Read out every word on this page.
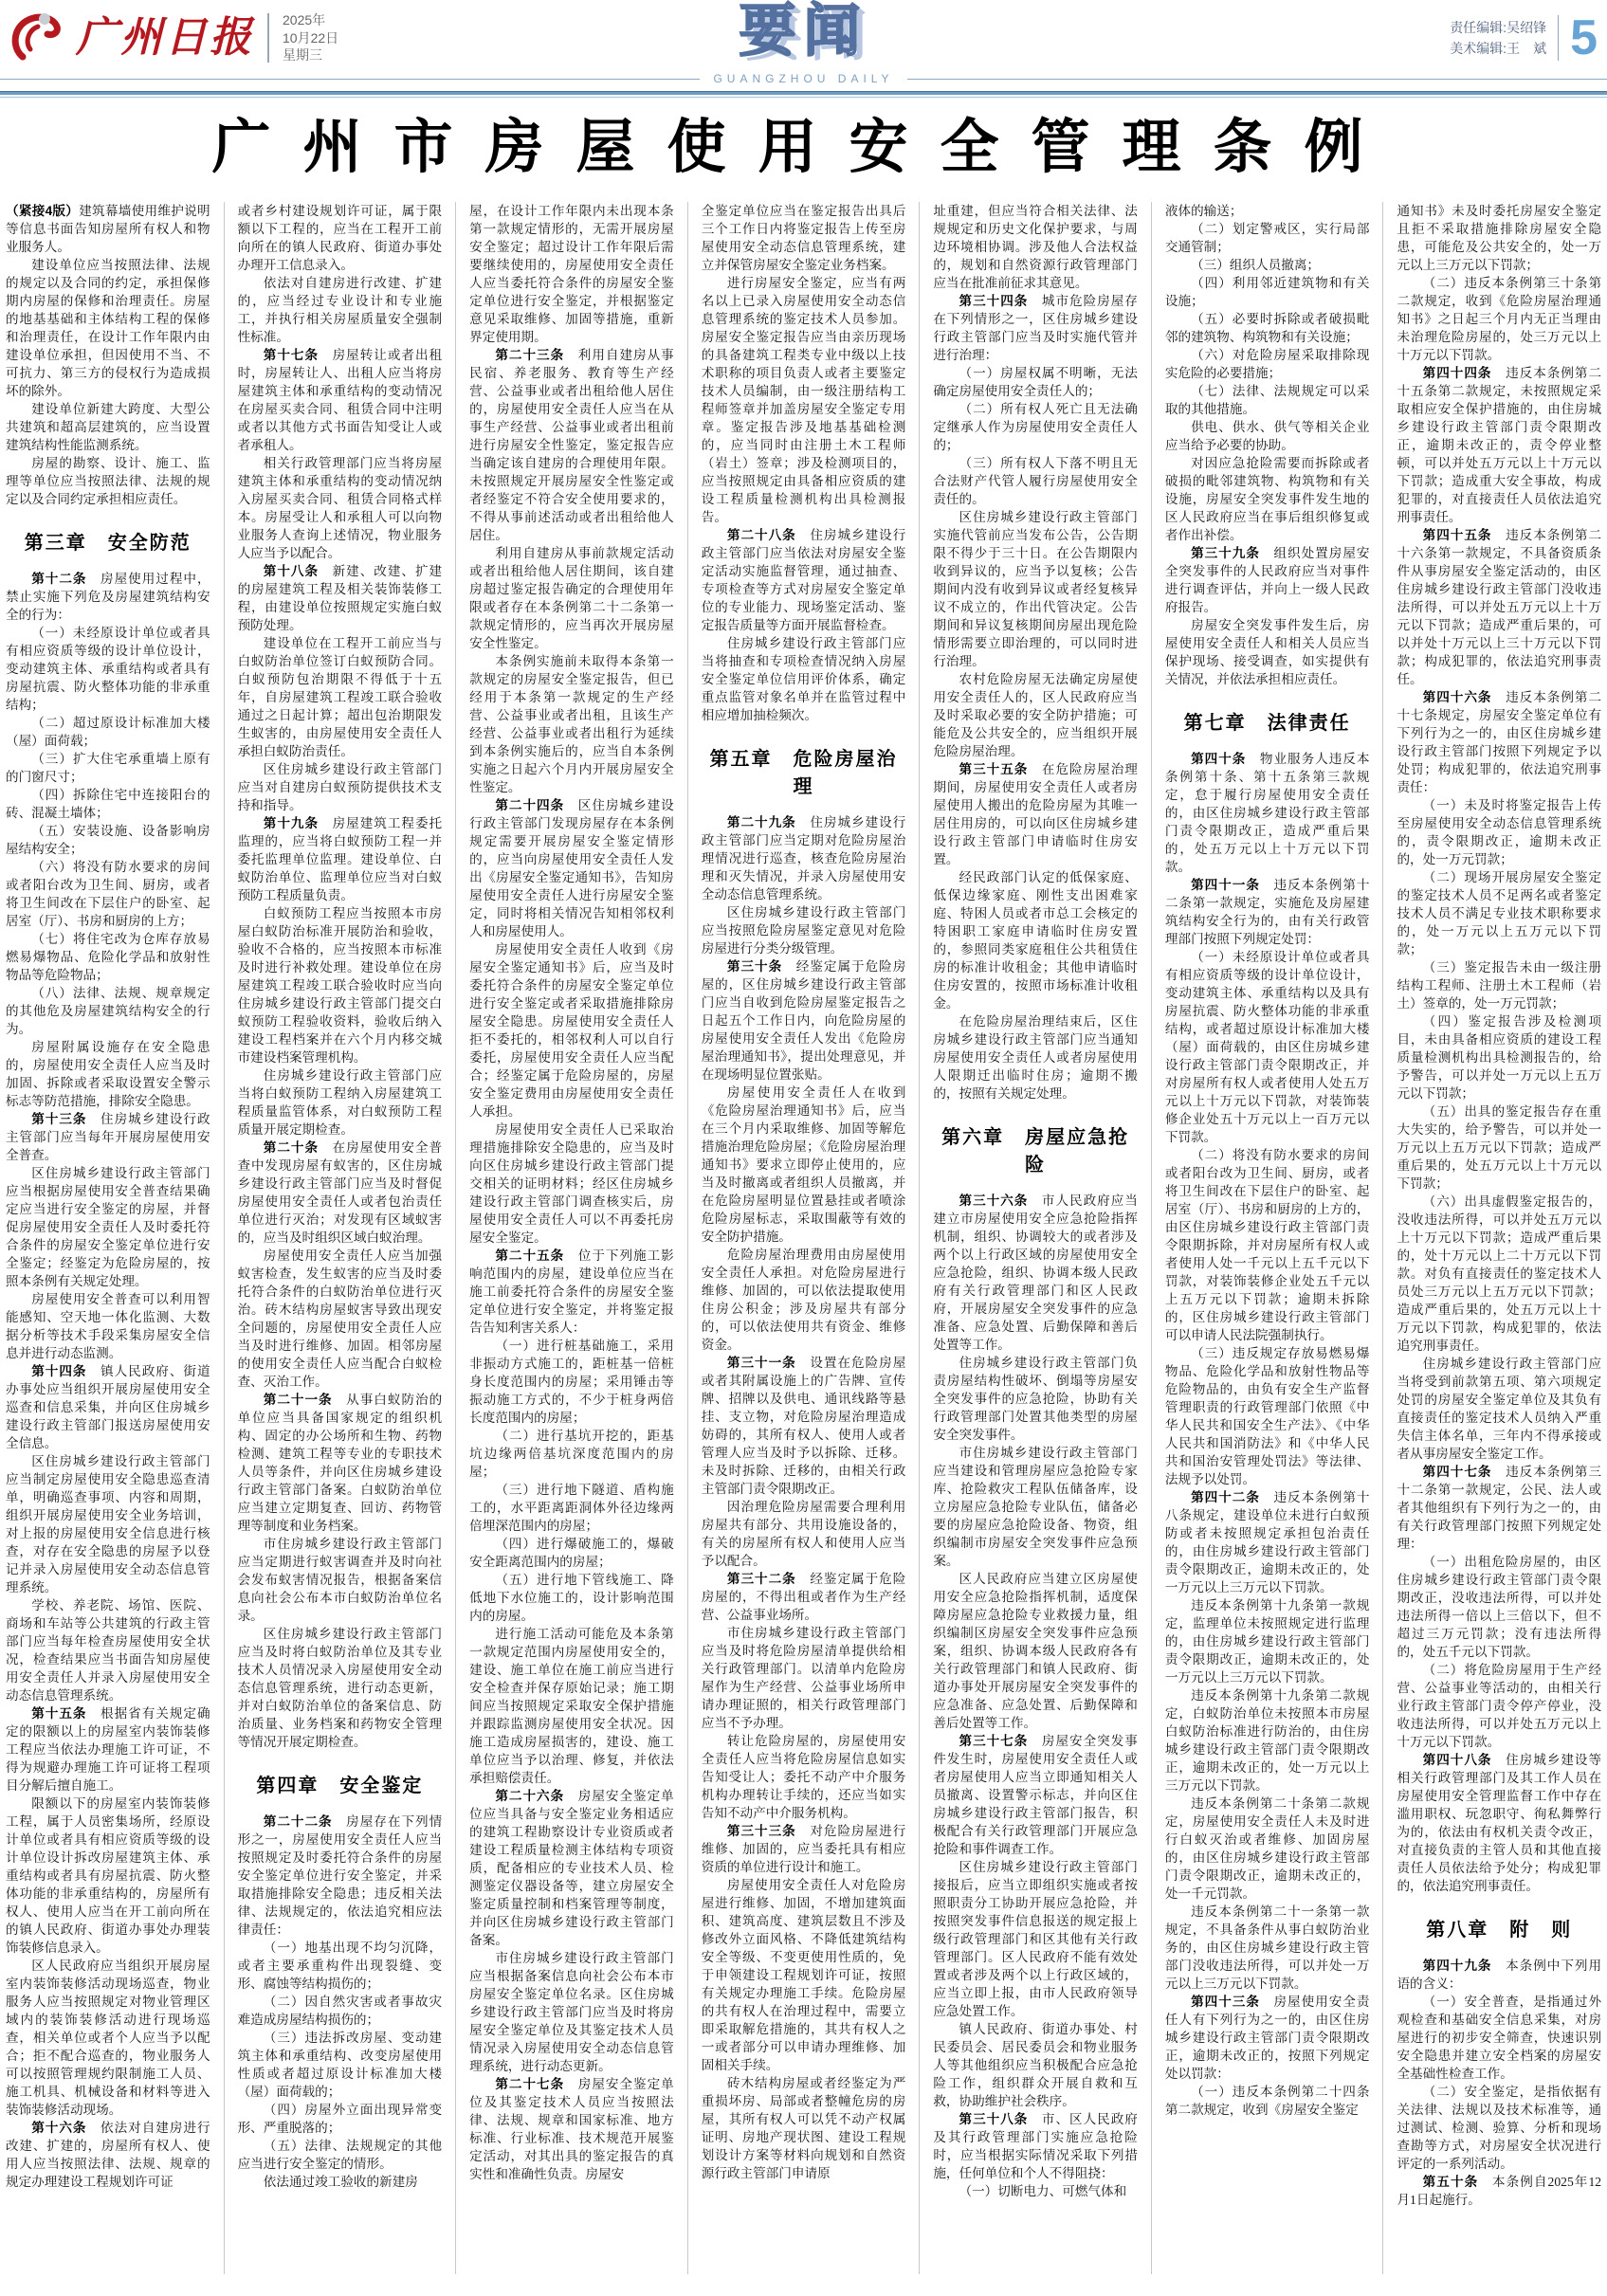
广州日报 2025年
10月22日
星期三	要闻	责任编辑:吴绍锋
美术编辑:王　斌 5
GUANGZHOU DAILY
广州市房屋使用安全管理条例

（紧接4版）建筑幕墙使用维护说明等信息书面告知房屋所有权人和物业服务人。

建设单位应当按照法律、法规的规定以及合同的约定，承担保修期内房屋的保修和治理责任。房屋的地基基础和主体结构工程的保修和治理责任，在设计工作年限内由建设单位承担，但因使用不当、不可抗力、第三方的侵权行为造成损坏的除外。

建设单位新建大跨度、大型公共建筑和超高层建筑的，应当设置建筑结构性能监测系统。

房屋的勘察、设计、施工、监理等单位应当按照法律、法规的规定以及合同约定承担相应责任。

第三章　安全防范

第十二条　房屋使用过程中，禁止实施下列危及房屋建筑结构安全的行为：

（一）未经原设计单位或者具有相应资质等级的设计单位设计，变动建筑主体、承重结构或者具有房屋抗震、防火整体功能的非承重结构；

（二）超过原设计标准加大楼（屋）面荷载；

（三）扩大住宅承重墙上原有的门窗尺寸；

（四）拆除住宅中连接阳台的砖、混凝土墙体；

（五）安装设施、设备影响房屋结构安全；

（六）将没有防水要求的房间或者阳台改为卫生间、厨房，或者将卫生间改在下层住户的卧室、起居室（厅）、书房和厨房的上方；

（七）将住宅改为仓库存放易燃易爆物品、危险化学品和放射性物品等危险物品；

（八）法律、法规、规章规定的其他危及房屋建筑结构安全的行为。

房屋附属设施存在安全隐患的，房屋使用安全责任人应当及时加固、拆除或者采取设置安全警示标志等防范措施，排除安全隐患。

第十三条　住房城乡建设行政主管部门应当每年开展房屋使用安全普查。

区住房城乡建设行政主管部门应当根据房屋使用安全普查结果确定应当进行安全鉴定的房屋，并督促房屋使用安全责任人及时委托符合条件的房屋安全鉴定单位进行安全鉴定；经鉴定为危险房屋的，按照本条例有关规定处理。

房屋使用安全普查可以利用智能感知、空天地一体化监测、大数据分析等技术手段采集房屋安全信息并进行动态监测。

第十四条　镇人民政府、街道办事处应当组织开展房屋使用安全巡查和信息采集，并向区住房城乡建设行政主管部门报送房屋使用安全信息。

区住房城乡建设行政主管部门应当制定房屋使用安全隐患巡查清单，明确巡查事项、内容和周期，组织开展房屋使用安全业务培训，对上报的房屋使用安全信息进行核查，对存在安全隐患的房屋予以登记并录入房屋使用安全动态信息管理系统。

学校、养老院、场馆、医院、商场和车站等公共建筑的行政主管部门应当每年检查房屋使用安全状况，检查结果应当书面告知房屋使用安全责任人并录入房屋使用安全动态信息管理系统。

第十五条　根据省有关规定确定的限额以上的房屋室内装饰装修工程应当依法办理施工许可证，不得为规避办理施工许可证将工程项目分解后擅自施工。

限额以下的房屋室内装饰装修工程，属于人员密集场所，经原设计单位或者具有相应资质等级的设计单位设计拆改房屋建筑主体、承重结构或者具有房屋抗震、防火整体功能的非承重结构的，房屋所有权人、使用人应当在开工前向所在的镇人民政府、街道办事处办理装饰装修信息录入。

区人民政府应当组织开展房屋室内装饰装修活动现场巡查，物业服务人应当按照规定对物业管理区域内的装饰装修活动进行现场巡查，相关单位或者个人应当予以配合；拒不配合巡查的，物业服务人可以按照管理规约限制施工人员、施工机具、机械设备和材料等进入装饰装修活动现场。

第十六条　依法对自建房进行改建、扩建的，房屋所有权人、使用人应当按照法律、法规、规章的规定办理建设工程规划许可证

或者乡村建设规划许可证，属于限额以下工程的，应当在工程开工前向所在的镇人民政府、街道办事处办理开工信息录入。

依法对自建房进行改建、扩建的，应当经过专业设计和专业施工，并执行相关房屋质量安全强制性标准。

第十七条　房屋转让或者出租时，房屋转让人、出租人应当将房屋建筑主体和承重结构的变动情况在房屋买卖合同、租赁合同中注明或者以其他方式书面告知受让人或者承租人。

相关行政管理部门应当将房屋建筑主体和承重结构的变动情况纳入房屋买卖合同、租赁合同格式样本。房屋受让人和承租人可以向物业服务人查询上述情况，物业服务人应当予以配合。

第十八条　新建、改建、扩建的房屋建筑工程及相关装饰装修工程，由建设单位按照规定实施白蚁预防处理。

建设单位在工程开工前应当与白蚁防治单位签订白蚁预防合同。白蚁预防包治期限不得低于十五年，自房屋建筑工程竣工联合验收通过之日起计算；超出包治期限发生蚁害的，由房屋使用安全责任人承担白蚁防治责任。

区住房城乡建设行政主管部门应当对自建房白蚁预防提供技术支持和指导。

第十九条　房屋建筑工程委托监理的，应当将白蚁预防工程一并委托监理单位监理。建设单位、白蚁防治单位、监理单位应当对白蚁预防工程质量负责。

白蚁预防工程应当按照本市房屋白蚁防治标准开展防治和验收，验收不合格的，应当按照本市标准及时进行补救处理。建设单位在房屋建筑工程竣工联合验收时应当向住房城乡建设行政主管部门提交白蚁预防工程验收资料，验收后纳入建设工程档案并在六个月内移交城市建设档案管理机构。

住房城乡建设行政主管部门应当将白蚁预防工程纳入房屋建筑工程质量监管体系，对白蚁预防工程质量开展定期检查。

第二十条　在房屋使用安全普查中发现房屋有蚁害的，区住房城乡建设行政主管部门应当及时督促房屋使用安全责任人或者包治责任单位进行灭治；对发现有区域蚁害的，应当及时组织区域白蚁治理。

房屋使用安全责任人应当加强蚁害检查，发生蚁害的应当及时委托符合条件的白蚁防治单位进行灭治。砖木结构房屋蚁害导致出现安全问题的，房屋使用安全责任人应当及时进行维修、加固。相邻房屋的使用安全责任人应当配合白蚁检查、灭治工作。

第二十一条　从事白蚁防治的单位应当具备国家规定的组织机构、固定的办公场所和生物、药物检测、建筑工程等专业的专职技术人员等条件，并向区住房城乡建设行政主管部门备案。白蚁防治单位应当建立定期复查、回访、药物管理等制度和业务档案。

市住房城乡建设行政主管部门应当定期进行蚁害调查并及时向社会发布蚁害情况报告，根据备案信息向社会公布本市白蚁防治单位名录。

区住房城乡建设行政主管部门应当及时将白蚁防治单位及其专业技术人员情况录入房屋使用安全动态信息管理系统，进行动态更新，并对白蚁防治单位的备案信息、防治质量、业务档案和药物安全管理等情况开展定期检查。

第四章　安全鉴定

第二十二条　房屋存在下列情形之一，房屋使用安全责任人应当按照规定及时委托符合条件的房屋安全鉴定单位进行安全鉴定，并采取措施排除安全隐患；违反相关法律、法规规定的，依法追究相应法律责任：

（一）地基出现不均匀沉降，或者主要承重构件出现裂缝、变形、腐蚀等结构损伤的；

（二）因自然灾害或者事故灾难造成房屋结构损伤的；

（三）违法拆改房屋、变动建筑主体和承重结构、改变房屋使用性质或者超过原设计标准加大楼（屋）面荷载的；

（四）房屋外立面出现异常变形、严重脱落的；

（五）法律、法规规定的其他应当进行安全鉴定的情形。

依法通过竣工验收的新建房

屋，在设计工作年限内未出现本条第一款规定情形的，无需开展房屋安全鉴定；超过设计工作年限后需要继续使用的，房屋使用安全责任人应当委托符合条件的房屋安全鉴定单位进行安全鉴定，并根据鉴定意见采取维修、加固等措施，重新界定使用期。

第二十三条　利用自建房从事民宿、养老服务、教育等生产经营、公益事业或者出租给他人居住的，房屋使用安全责任人应当在从事生产经营、公益事业或者出租前进行房屋安全性鉴定，鉴定报告应当确定该自建房的合理使用年限。未按照规定开展房屋安全性鉴定或者经鉴定不符合安全使用要求的，不得从事前述活动或者出租给他人居住。

利用自建房从事前款规定活动或者出租给他人居住期间，该自建房超过鉴定报告确定的合理使用年限或者存在本条例第二十二条第一款规定情形的，应当再次开展房屋安全性鉴定。

本条例实施前未取得本条第一款规定的房屋安全鉴定报告，但已经用于本条第一款规定的生产经营、公益事业或者出租，且该生产经营、公益事业或者出租行为延续到本条例实施后的，应当自本条例实施之日起六个月内开展房屋安全性鉴定。

第二十四条　区住房城乡建设行政主管部门发现房屋存在本条例规定需要开展房屋安全鉴定情形的，应当向房屋使用安全责任人发出《房屋安全鉴定通知书》，告知房屋使用安全责任人进行房屋安全鉴定，同时将相关情况告知相邻权利人和房屋使用人。

房屋使用安全责任人收到《房屋安全鉴定通知书》后，应当及时委托符合条件的房屋安全鉴定单位进行安全鉴定或者采取措施排除房屋安全隐患。房屋使用安全责任人拒不委托的，相邻权利人可以自行委托，房屋使用安全责任人应当配合；经鉴定属于危险房屋的，房屋安全鉴定费用由房屋使用安全责任人承担。

房屋使用安全责任人已采取治理措施排除安全隐患的，应当及时向区住房城乡建设行政主管部门提交相关的证明材料；经区住房城乡建设行政主管部门调查核实后，房屋使用安全责任人可以不再委托房屋安全鉴定。

第二十五条　位于下列施工影响范围内的房屋，建设单位应当在施工前委托符合条件的房屋安全鉴定单位进行安全鉴定，并将鉴定报告告知利害关系人：

（一）进行桩基础施工，采用非振动方式施工的，距桩基一倍桩身长度范围内的房屋；采用锤击等振动施工方式的，不少于桩身两倍长度范围内的房屋；

（二）进行基坑开挖的，距基坑边缘两倍基坑深度范围内的房屋；

（三）进行地下隧道、盾构施工的，水平距离距洞体外径边缘两倍埋深范围内的房屋；

（四）进行爆破施工的，爆破安全距离范围内的房屋；

（五）进行地下管线施工、降低地下水位施工的，设计影响范围内的房屋。

进行施工活动可能危及本条第一款规定范围内房屋使用安全的，建设、施工单位在施工前应当进行安全检查并保存原始记录；施工期间应当按照规定采取安全保护措施并跟踪监测房屋使用安全状况。因施工造成房屋损害的，建设、施工单位应当予以治理、修复，并依法承担赔偿责任。

第二十六条　房屋安全鉴定单位应当具备与安全鉴定业务相适应的建筑工程勘察设计专业资质或者建设工程质量检测主体结构专项资质，配备相应的专业技术人员、检测鉴定仪器设备等，建立房屋安全鉴定质量控制和档案管理等制度，并向区住房城乡建设行政主管部门备案。

市住房城乡建设行政主管部门应当根据备案信息向社会公布本市房屋安全鉴定单位名录。区住房城乡建设行政主管部门应当及时将房屋安全鉴定单位及其鉴定技术人员情况录入房屋使用安全动态信息管理系统，进行动态更新。

第二十七条　房屋安全鉴定单位及其鉴定技术人员应当按照法律、法规、规章和国家标准、地方标准、行业标准、技术规范开展鉴定活动，对其出具的鉴定报告的真实性和准确性负责。房屋安

全鉴定单位应当在鉴定报告出具后三个工作日内将鉴定报告上传至房屋使用安全动态信息管理系统，建立并保管房屋安全鉴定业务档案。

进行房屋安全鉴定，应当有两名以上已录入房屋使用安全动态信息管理系统的鉴定技术人员参加。房屋安全鉴定报告应当由亲历现场的具备建筑工程类专业中级以上技术职称的项目负责人或者主要鉴定技术人员编制，由一级注册结构工程师签章并加盖房屋安全鉴定专用章。鉴定报告涉及地基基础检测的，应当同时由注册土木工程师（岩土）签章；涉及检测项目的，应当按照规定由具备相应资质的建设工程质量检测机构出具检测报告。

第二十八条　住房城乡建设行政主管部门应当依法对房屋安全鉴定活动实施监督管理，通过抽查、专项检查等方式对房屋安全鉴定单位的专业能力、现场鉴定活动、鉴定报告质量等方面开展监督检查。

住房城乡建设行政主管部门应当将抽查和专项检查情况纳入房屋安全鉴定单位信用评价体系，确定重点监管对象名单并在监管过程中相应增加抽检频次。

第五章　危险房屋治理

第二十九条　住房城乡建设行政主管部门应当定期对危险房屋治理情况进行巡查，核查危险房屋治理和灭失情况，并录入房屋使用安全动态信息管理系统。

区住房城乡建设行政主管部门应当按照危险房屋鉴定意见对危险房屋进行分类分级管理。

第三十条　经鉴定属于危险房屋的，区住房城乡建设行政主管部门应当自收到危险房屋鉴定报告之日起五个工作日内，向危险房屋的房屋使用安全责任人发出《危险房屋治理通知书》，提出处理意见，并在现场明显位置张贴。

房屋使用安全责任人在收到《危险房屋治理通知书》后，应当在三个月内采取维修、加固等解危措施治理危险房屋；《危险房屋治理通知书》要求立即停止使用的，应当及时撤离或者组织人员撤离，并在危险房屋明显位置悬挂或者喷涂危险房屋标志，采取围蔽等有效的安全防护措施。

危险房屋治理费用由房屋使用安全责任人承担。对危险房屋进行维修、加固的，可以依法提取使用住房公积金；涉及房屋共有部分的，可以依法使用共有资金、维修资金。

第三十一条　设置在危险房屋或者其附属设施上的广告牌、宣传牌、招牌以及供电、通讯线路等悬挂、支立物，对危险房屋治理造成妨碍的，其所有权人、使用人或者管理人应当及时予以拆除、迁移。未及时拆除、迁移的，由相关行政主管部门责令限期改正。

因治理危险房屋需要合理利用房屋共有部分、共用设施设备的，有关的房屋所有权人和使用人应当予以配合。

第三十二条　经鉴定属于危险房屋的，不得出租或者作为生产经营、公益事业场所。

市住房城乡建设行政主管部门应当及时将危险房屋清单提供给相关行政管理部门。以清单内危险房屋作为生产经营、公益事业场所申请办理证照的，相关行政管理部门应当不予办理。

转让危险房屋的，房屋使用安全责任人应当将危险房屋信息如实告知受让人；委托不动产中介服务机构办理转让手续的，还应当如实告知不动产中介服务机构。

第三十三条　对危险房屋进行维修、加固的，应当委托具有相应资质的单位进行设计和施工。

房屋使用安全责任人对危险房屋进行维修、加固，不增加建筑面积、建筑高度、建筑层数且不涉及修改外立面风格、不降低建筑结构安全等级、不变更使用性质的，免于申领建设工程规划许可证，按照有关规定办理施工手续。危险房屋的共有权人在治理过程中，需要立即采取解危措施的，其共有权人之一或者部分可以申请办理维修、加固相关手续。

砖木结构房屋或者经鉴定为严重损坏房、局部或者整幢危房的房屋，其所有权人可以凭不动产权属证明、房地产现状图、建设工程规划设计方案等材料向规划和自然资源行政主管部门申请原

址重建，但应当符合相关法律、法规规定和历史文化保护要求，与周边环境相协调。涉及他人合法权益的，规划和自然资源行政管理部门应当在批准前征求其意见。

第三十四条　城市危险房屋存在下列情形之一，区住房城乡建设行政主管部门应当及时实施代管并进行治理：

（一）房屋权属不明晰，无法确定房屋使用安全责任人的；

（二）所有权人死亡且无法确定继承人作为房屋使用安全责任人的；

（三）所有权人下落不明且无合法财产代管人履行房屋使用安全责任的。

区住房城乡建设行政主管部门实施代管前应当发布公告，公告期限不得少于三十日。在公告期限内收到异议的，应当予以复核；公告期间内没有收到异议或者经复核异议不成立的，作出代管决定。公告期间和异议复核期间房屋出现危险情形需要立即治理的，可以同时进行治理。

农村危险房屋无法确定房屋使用安全责任人的，区人民政府应当及时采取必要的安全防护措施；可能危及公共安全的，应当组织开展危险房屋治理。

第三十五条　在危险房屋治理期间，房屋使用安全责任人或者房屋使用人搬出的危险房屋为其唯一居住用房的，可以向区住房城乡建设行政主管部门申请临时住房安置。

经民政部门认定的低保家庭、低保边缘家庭、刚性支出困难家庭、特困人员或者市总工会核定的特困职工家庭申请临时住房安置的，参照同类家庭租住公共租赁住房的标准计收租金；其他申请临时住房安置的，按照市场标准计收租金。

在危险房屋治理结束后，区住房城乡建设行政主管部门应当通知房屋使用安全责任人或者房屋使用人限期迁出临时住房；逾期不搬的，按照有关规定处理。

第六章　房屋应急抢险

第三十六条　市人民政府应当建立市房屋使用安全应急抢险指挥机制，组织、协调较大的或者涉及两个以上行政区域的房屋使用安全应急抢险，组织、协调本级人民政府有关行政管理部门和区人民政府，开展房屋安全突发事件的应急准备、应急处置、后勤保障和善后处置等工作。

住房城乡建设行政主管部门负责房屋结构性破坏、倒塌等房屋安全突发事件的应急抢险，协助有关行政管理部门处置其他类型的房屋安全突发事件。

市住房城乡建设行政主管部门应当建设和管理房屋应急抢险专家库、抢险救灾工程队伍储备库，设立房屋应急抢险专业队伍，储备必要的房屋应急抢险设备、物资，组织编制市房屋安全突发事件应急预案。

区人民政府应当建立区房屋使用安全应急抢险指挥机制，适度保障房屋应急抢险专业救援力量，组织编制区房屋安全突发事件应急预案，组织、协调本级人民政府各有关行政管理部门和镇人民政府、街道办事处开展房屋安全突发事件的应急准备、应急处置、后勤保障和善后处置等工作。

第三十七条　房屋安全突发事件发生时，房屋使用安全责任人或者房屋使用人应当立即通知相关人员撤离、设置警示标志，并向区住房城乡建设行政主管部门报告，积极配合有关行政管理部门开展应急抢险和事件调查工作。

区住房城乡建设行政主管部门接报后，应当立即组织实施或者按照职责分工协助开展应急抢险，并按照突发事件信息报送的规定报上级行政管理部门和区其他有关行政管理部门。区人民政府不能有效处置或者涉及两个以上行政区域的，应当立即上报，由市人民政府领导应急处置工作。

镇人民政府、街道办事处、村民委员会、居民委员会和物业服务人等其他组织应当积极配合应急抢险工作，组织群众开展自救和互救，协助维护社会秩序。

第三十八条　市、区人民政府及其行政管理部门实施应急抢险时，应当根据实际情况采取下列措施，任何单位和个人不得阻挠：

（一）切断电力、可燃气体和

液体的输送；

（二）划定警戒区，实行局部交通管制；

（三）组织人员撤离；

（四）利用邻近建筑物和有关设施；

（五）必要时拆除或者破损毗邻的建筑物、构筑物和有关设施；

（六）对危险房屋采取排除现实危险的必要措施；

（七）法律、法规规定可以采取的其他措施。

供电、供水、供气等相关企业应当给予必要的协助。

对因应急抢险需要而拆除或者破损的毗邻建筑物、构筑物和有关设施，房屋安全突发事件发生地的区人民政府应当在事后组织修复或者作出补偿。

第三十九条　组织处置房屋安全突发事件的人民政府应当对事件进行调查评估，并向上一级人民政府报告。

房屋安全突发事件发生后，房屋使用安全责任人和相关人员应当保护现场、接受调查，如实提供有关情况，并依法承担相应责任。

第七章　法律责任

第四十条　物业服务人违反本条例第十条、第十五条第三款规定，怠于履行房屋使用安全责任的，由区住房城乡建设行政主管部门责令限期改正，造成严重后果的，处五万元以上十万元以下罚款。

第四十一条　违反本条例第十二条第一款规定，实施危及房屋建筑结构安全行为的，由有关行政管理部门按照下列规定处罚：

（一）未经原设计单位或者具有相应资质等级的设计单位设计，变动建筑主体、承重结构以及具有房屋抗震、防火整体功能的非承重结构，或者超过原设计标准加大楼（屋）面荷载的，由区住房城乡建设行政主管部门责令限期改正，并对房屋所有权人或者使用人处五万元以上十万元以下罚款，对装饰装修企业处五十万元以上一百万元以下罚款。

（二）将没有防水要求的房间或者阳台改为卫生间、厨房，或者将卫生间改在下层住户的卧室、起居室（厅）、书房和厨房的上方的，由区住房城乡建设行政主管部门责令限期拆除，并对房屋所有权人或者使用人处一千元以上五千元以下罚款，对装饰装修企业处五千元以上五万元以下罚款；逾期未拆除的，区住房城乡建设行政主管部门可以申请人民法院强制执行。

（三）违反规定存放易燃易爆物品、危险化学品和放射性物品等危险物品的，由负有安全生产监督管理职责的行政管理部门依照《中华人民共和国安全生产法》、《中华人民共和国消防法》和《中华人民共和国治安管理处罚法》等法律、法规予以处罚。

第四十二条　违反本条例第十八条规定，建设单位未进行白蚁预防或者未按照规定承担包治责任的，由住房城乡建设行政主管部门责令限期改正，逾期未改正的，处一万元以上三万元以下罚款。

违反本条例第十九条第一款规定，监理单位未按照规定进行监理的，由住房城乡建设行政主管部门责令限期改正，逾期未改正的，处一万元以上三万元以下罚款。

违反本条例第十九条第二款规定，白蚁防治单位未按照本市房屋白蚁防治标准进行防治的，由住房城乡建设行政主管部门责令限期改正，逾期未改正的，处一万元以上三万元以下罚款。

违反本条例第二十条第二款规定，房屋使用安全责任人未及时进行白蚁灭治或者维修、加固房屋的，由区住房城乡建设行政主管部门责令限期改正，逾期未改正的，处一千元罚款。

违反本条例第二十一条第一款规定，不具备条件从事白蚁防治业务的，由区住房城乡建设行政主管部门没收违法所得，可以并处一万元以上三万元以下罚款。

第四十三条　房屋使用安全责任人有下列行为之一的，由区住房城乡建设行政主管部门责令限期改正，逾期未改正的，按照下列规定处以罚款：

（一）违反本条例第二十四条第二款规定，收到《房屋安全鉴定

通知书》未及时委托房屋安全鉴定且拒不采取措施排除房屋安全隐患，可能危及公共安全的，处一万元以上三万元以下罚款；

（二）违反本条例第三十条第二款规定，收到《危险房屋治理通知书》之日起三个月内无正当理由未治理危险房屋的，处三万元以上十万元以下罚款。

第四十四条　违反本条例第二十五条第二款规定，未按照规定采取相应安全保护措施的，由住房城乡建设行政主管部门责令限期改正，逾期未改正的，责令停业整顿，可以并处五万元以上十万元以下罚款；造成重大安全事故，构成犯罪的，对直接责任人员依法追究刑事责任。

第四十五条　违反本条例第二十六条第一款规定，不具备资质条件从事房屋安全鉴定活动的，由区住房城乡建设行政主管部门没收违法所得，可以并处五万元以上十万元以下罚款；造成严重后果的，可以并处十万元以上三十万元以下罚款；构成犯罪的，依法追究刑事责任。

第四十六条　违反本条例第二十七条规定，房屋安全鉴定单位有下列行为之一的，由区住房城乡建设行政主管部门按照下列规定予以处罚；构成犯罪的，依法追究刑事责任：

（一）未及时将鉴定报告上传至房屋使用安全动态信息管理系统的，责令限期改正，逾期未改正的，处一万元罚款；

（二）现场开展房屋安全鉴定的鉴定技术人员不足两名或者鉴定技术人员不满足专业技术职称要求的，处一万元以上五万元以下罚款；

（三）鉴定报告未由一级注册结构工程师、注册土木工程师（岩土）签章的，处一万元罚款；

（四）鉴定报告涉及检测项目，未由具备相应资质的建设工程质量检测机构出具检测报告的，给予警告，可以并处一万元以上五万元以下罚款；

（五）出具的鉴定报告存在重大失实的，给予警告，可以并处一万元以上五万元以下罚款；造成严重后果的，处五万元以上十万元以下罚款；

（六）出具虚假鉴定报告的，没收违法所得，可以并处五万元以上十万元以下罚款；造成严重后果的，处十万元以上二十万元以下罚款。对负有直接责任的鉴定技术人员处三万元以上五万元以下罚款；造成严重后果的，处五万元以上十万元以下罚款，构成犯罪的，依法追究刑事责任。

住房城乡建设行政主管部门应当将受到前款第五项、第六项规定处罚的房屋安全鉴定单位及其负有直接责任的鉴定技术人员纳入严重失信主体名单，三年内不得承接或者从事房屋安全鉴定工作。

第四十七条　违反本条例第三十二条第一款规定，公民、法人或者其他组织有下列行为之一的，由有关行政管理部门按照下列规定处理：

（一）出租危险房屋的，由区住房城乡建设行政主管部门责令限期改正，没收违法所得，可以并处违法所得一倍以上三倍以下，但不超过三万元罚款；没有违法所得的，处五千元以下罚款。

（二）将危险房屋用于生产经营、公益事业等活动的，由相关行业行政主管部门责令停产停业，没收违法所得，可以并处五万元以上十万元以下罚款。

第四十八条　住房城乡建设等相关行政管理部门及其工作人员在房屋使用安全管理监督工作中存在滥用职权、玩忽职守、徇私舞弊行为的，依法由有权机关责令改正，对直接负责的主管人员和其他直接责任人员依法给予处分；构成犯罪的，依法追究刑事责任。

第八章　附　则

第四十九条　本条例中下列用语的含义：

（一）安全普查，是指通过外观检查和基础安全信息采集，对房屋进行的初步安全筛查，快速识别安全隐患并建立安全档案的房屋安全基础性检查工作。

（二）安全鉴定，是指依据有关法律、法规以及技术标准等，通过测试、检测、验算、分析和现场查勘等方式，对房屋安全状况进行评定的一系列活动。

第五十条　本条例自2025年12月1日起施行。
